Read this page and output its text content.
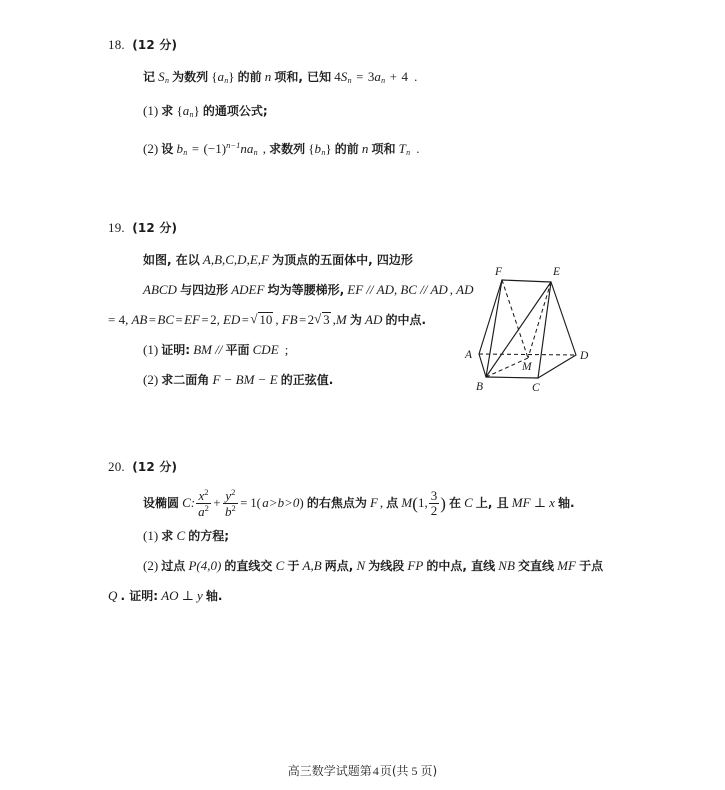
18. (12 分)
记 $S_n$ 为数列 $\{a_n\}$ 的前 n 项和, 已知 $4S_n = 3a_n + 4$ .
(1) 求 $\{a_n\}$ 的通项公式;
(2) 设 $b_n = (-1)^{n-1}na_n$ , 求数列 $\{b_n\}$ 的前 n 项和 $T_n$ .
19. (12 分)
如图, 在以 A,B,C,D,E,F 为顶点的五面体中, 四边形
ABCD 与四边形 ADEF 均为等腰梯形, EF // AD, BC // AD , AD
= 4, AB = BC = EF = 2, ED = √ 10 , FB = 2 √ 3 ,M 为 AD 的中点.
(1) 证明: BM // 平面 CDE ;
(2) 求二面角 F − BM − E 的正弦值.
F	E
A	D
B	C
M
20. (12 分)
设椭圆 C: $\frac{x^2}{a^2} + \frac{y^2}{b^2} = 1$( a>b>0) 的右焦点为 F , 点 M(1, $\frac{3}{2}$ ) 在 C 上, 且 MF ⊥ x 轴.
(1) 求 C 的方程;
(2) 过点 P(4,0) 的直线交 C 于 A,B 两点, N 为线段 FP 的中点, 直线 NB 交直线 MF 于点
Q . 证明: AO ⊥ y 轴.
高三数学试题第4页(共 5 页)
